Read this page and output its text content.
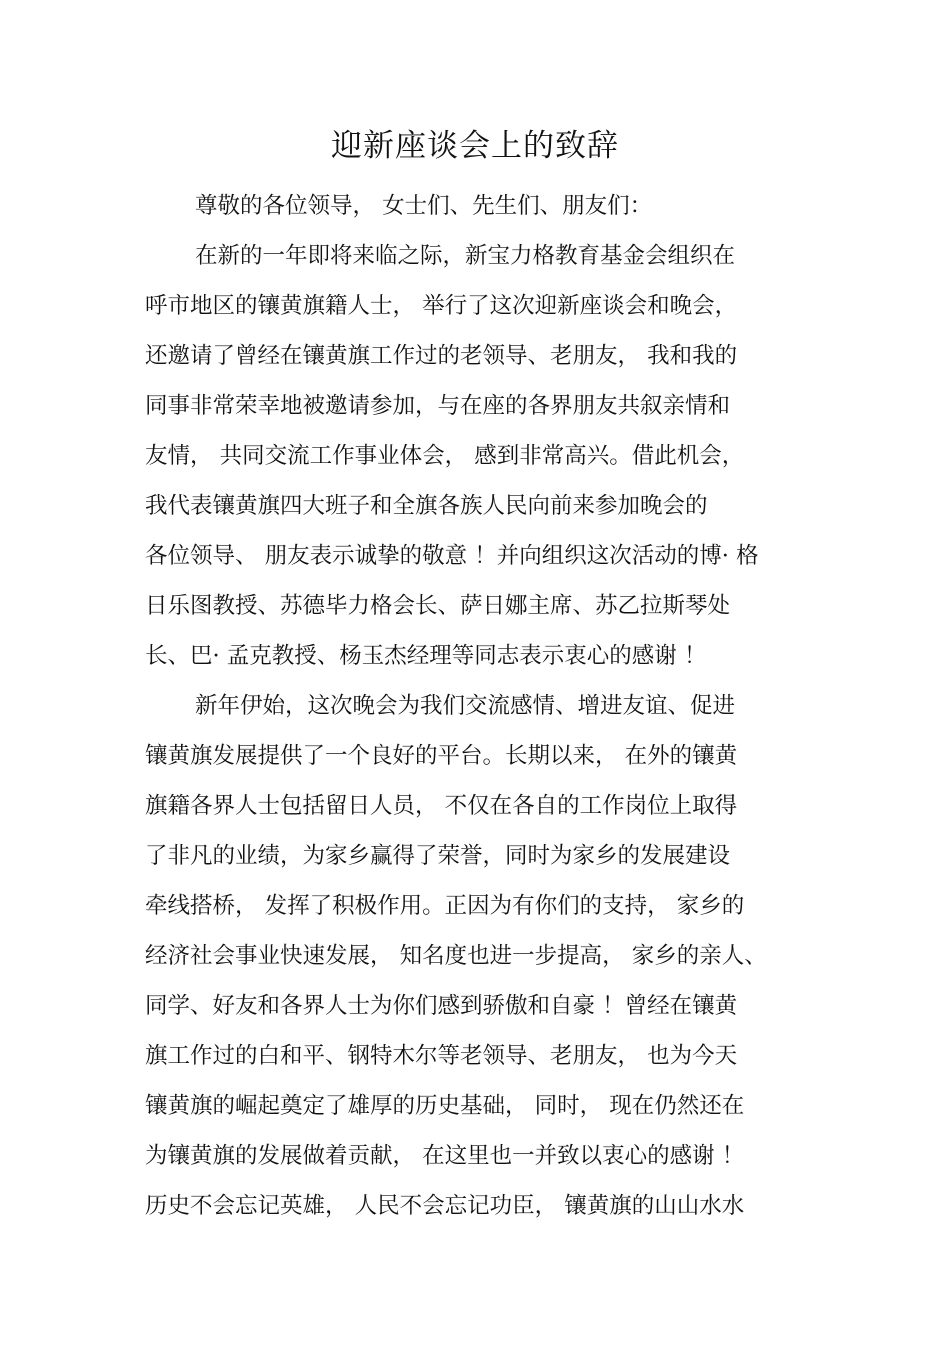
迎新座谈会上的致辞
尊敬的各位领导， 女士们、先生们、朋友们：
在新的一年即将来临之际，新宝力格教育基金会组织在
呼市地区的镶黄旗籍人士， 举行了这次迎新座谈会和晚会，
还邀请了曾经在镶黄旗工作过的老领导、老朋友， 我和我的
同事非常荣幸地被邀请参加，与在座的各界朋友共叙亲情和
友情， 共同交流工作事业体会， 感到非常高兴。借此机会，
我代表镶黄旗四大班子和全旗各族人民向前来参加晚会的
各位领导、 朋友表示诚挚的敬意 ！并向组织这次活动的博· 格
日乐图教授、苏德毕力格会长、萨日娜主席、苏乙拉斯琴处
长、巴· 孟克教授、杨玉杰经理等同志表示衷心的感谢 ！
新年伊始，这次晚会为我们交流感情、增进友谊、促进
镶黄旗发展提供了一个良好的平台。长期以来， 在外的镶黄
旗籍各界人士包括留日人员， 不仅在各自的工作岗位上取得
了非凡的业绩，为家乡赢得了荣誉，同时为家乡的发展建设
牵线搭桥， 发挥了积极作用。正因为有你们的支持， 家乡的
经济社会事业快速发展， 知名度也进一步提高， 家乡的亲人、
同学、好友和各界人士为你们感到骄傲和自豪 ！曾经在镶黄
旗工作过的白和平、钢特木尔等老领导、老朋友， 也为今天
镶黄旗的崛起奠定了雄厚的历史基础， 同时， 现在仍然还在
为镶黄旗的发展做着贡献， 在这里也一并致以衷心的感谢 ！
历史不会忘记英雄， 人民不会忘记功臣， 镶黄旗的山山水水
